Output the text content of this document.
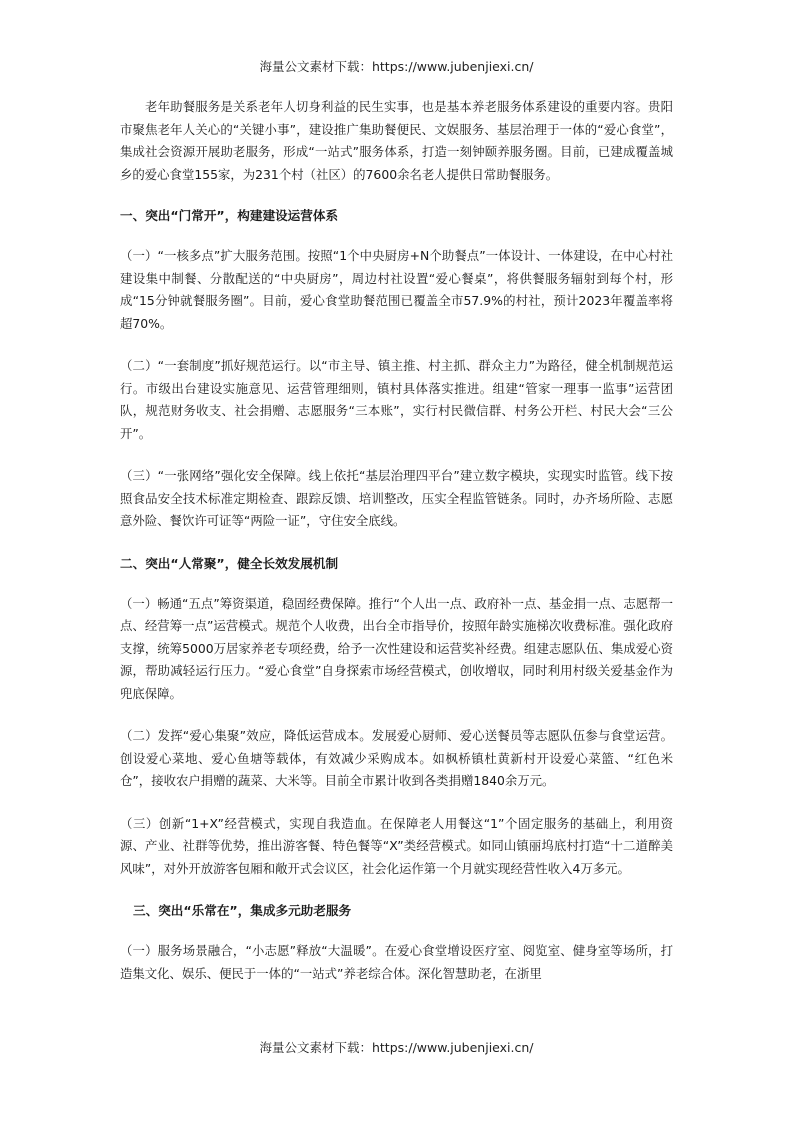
海量公文素材下载：https://www.jubenjiexi.cn/

老年助餐服务是关系老年人切身利益的民生实事，也是基本养老服务体系建设的重要内容。贵阳市聚焦老年人关心的“关键小事”，建设推广集助餐便民、文娱服务、基层治理于一体的“爱心食堂”，集成社会资源开展助老服务，形成“一站式”服务体系，打造一刻钟颐养服务圈。目前，已建成覆盖城乡的爱心食堂155家，为231个村（社区）的7600余名老人提供日常助餐服务。

一、突出“门常开”，构建建设运营体系

（一）“一核多点”扩大服务范围。按照“1个中央厨房+N个助餐点”一体设计、一体建设，在中心村社建设集中制餐、分散配送的“中央厨房”，周边村社设置“爱心餐桌”，将供餐服务辐射到每个村，形成“15分钟就餐服务圈”。目前，爱心食堂助餐范围已覆盖全市57.9%的村社，预计2023年覆盖率将超70%。

（二）“一套制度”抓好规范运行。以“市主导、镇主推、村主抓、群众主力”为路径，健全机制规范运行。市级出台建设实施意见、运营管理细则，镇村具体落实推进。组建“管家一理事一监事”运营团队，规范财务收支、社会捐赠、志愿服务“三本账”，实行村民微信群、村务公开栏、村民大会“三公开”。

（三）“一张网络”强化安全保障。线上依托“基层治理四平台”建立数字模块，实现实时监管。线下按照食品安全技术标准定期检查、跟踪反馈、培训整改，压实全程监管链条。同时，办齐场所险、志愿意外险、餐饮许可证等“两险一证”，守住安全底线。

二、突出“人常聚”，健全长效发展机制

（一）畅通“五点”筹资渠道，稳固经费保障。推行“个人出一点、政府补一点、基金捐一点、志愿帮一点、经营筹一点”运营模式。规范个人收费，出台全市指导价，按照年龄实施梯次收费标准。强化政府支撑，统筹5000万居家养老专项经费，给予一次性建设和运营奖补经费。组建志愿队伍、集成爱心资源，帮助减轻运行压力。“爱心食堂”自身探索市场经营模式，创收增収，同时利用村级关爱基金作为兜底保障。

（二）发挥“爱心集聚”效应，降低运营成本。发展爱心厨师、爱心送餐员等志愿队伍参与食堂运营。创设爱心菜地、爱心鱼塘等载体，有效减少采购成本。如枫桥镇杜黄新村开设爱心菜篮、“红色米仓”，接收农户捐赠的蔬菜、大米等。目前全市累计收到各类捐赠1840余万元。

（三）创新“1+X”经营模式，实现自我造血。在保障老人用餐这“1”个固定服务的基础上，利用资源、产业、社群等优势，推出游客餐、特色餐等“X”类经营模式。如同山镇丽坞底村打造“十二道醉美风味”，对外开放游客包厢和敞开式会议区，社会化运作第一个月就实现经营性收入4万多元。

三、突出“乐常在”，集成多元助老服务

（一）服务场景融合，“小志愿”释放“大温暖”。在爱心食堂增设医疗室、阅览室、健身室等场所，打造集文化、娱乐、便民于一体的“一站式”养老综合体。深化智慧助老，在浙里

海量公文素材下载：https://www.jubenjiexi.cn/
